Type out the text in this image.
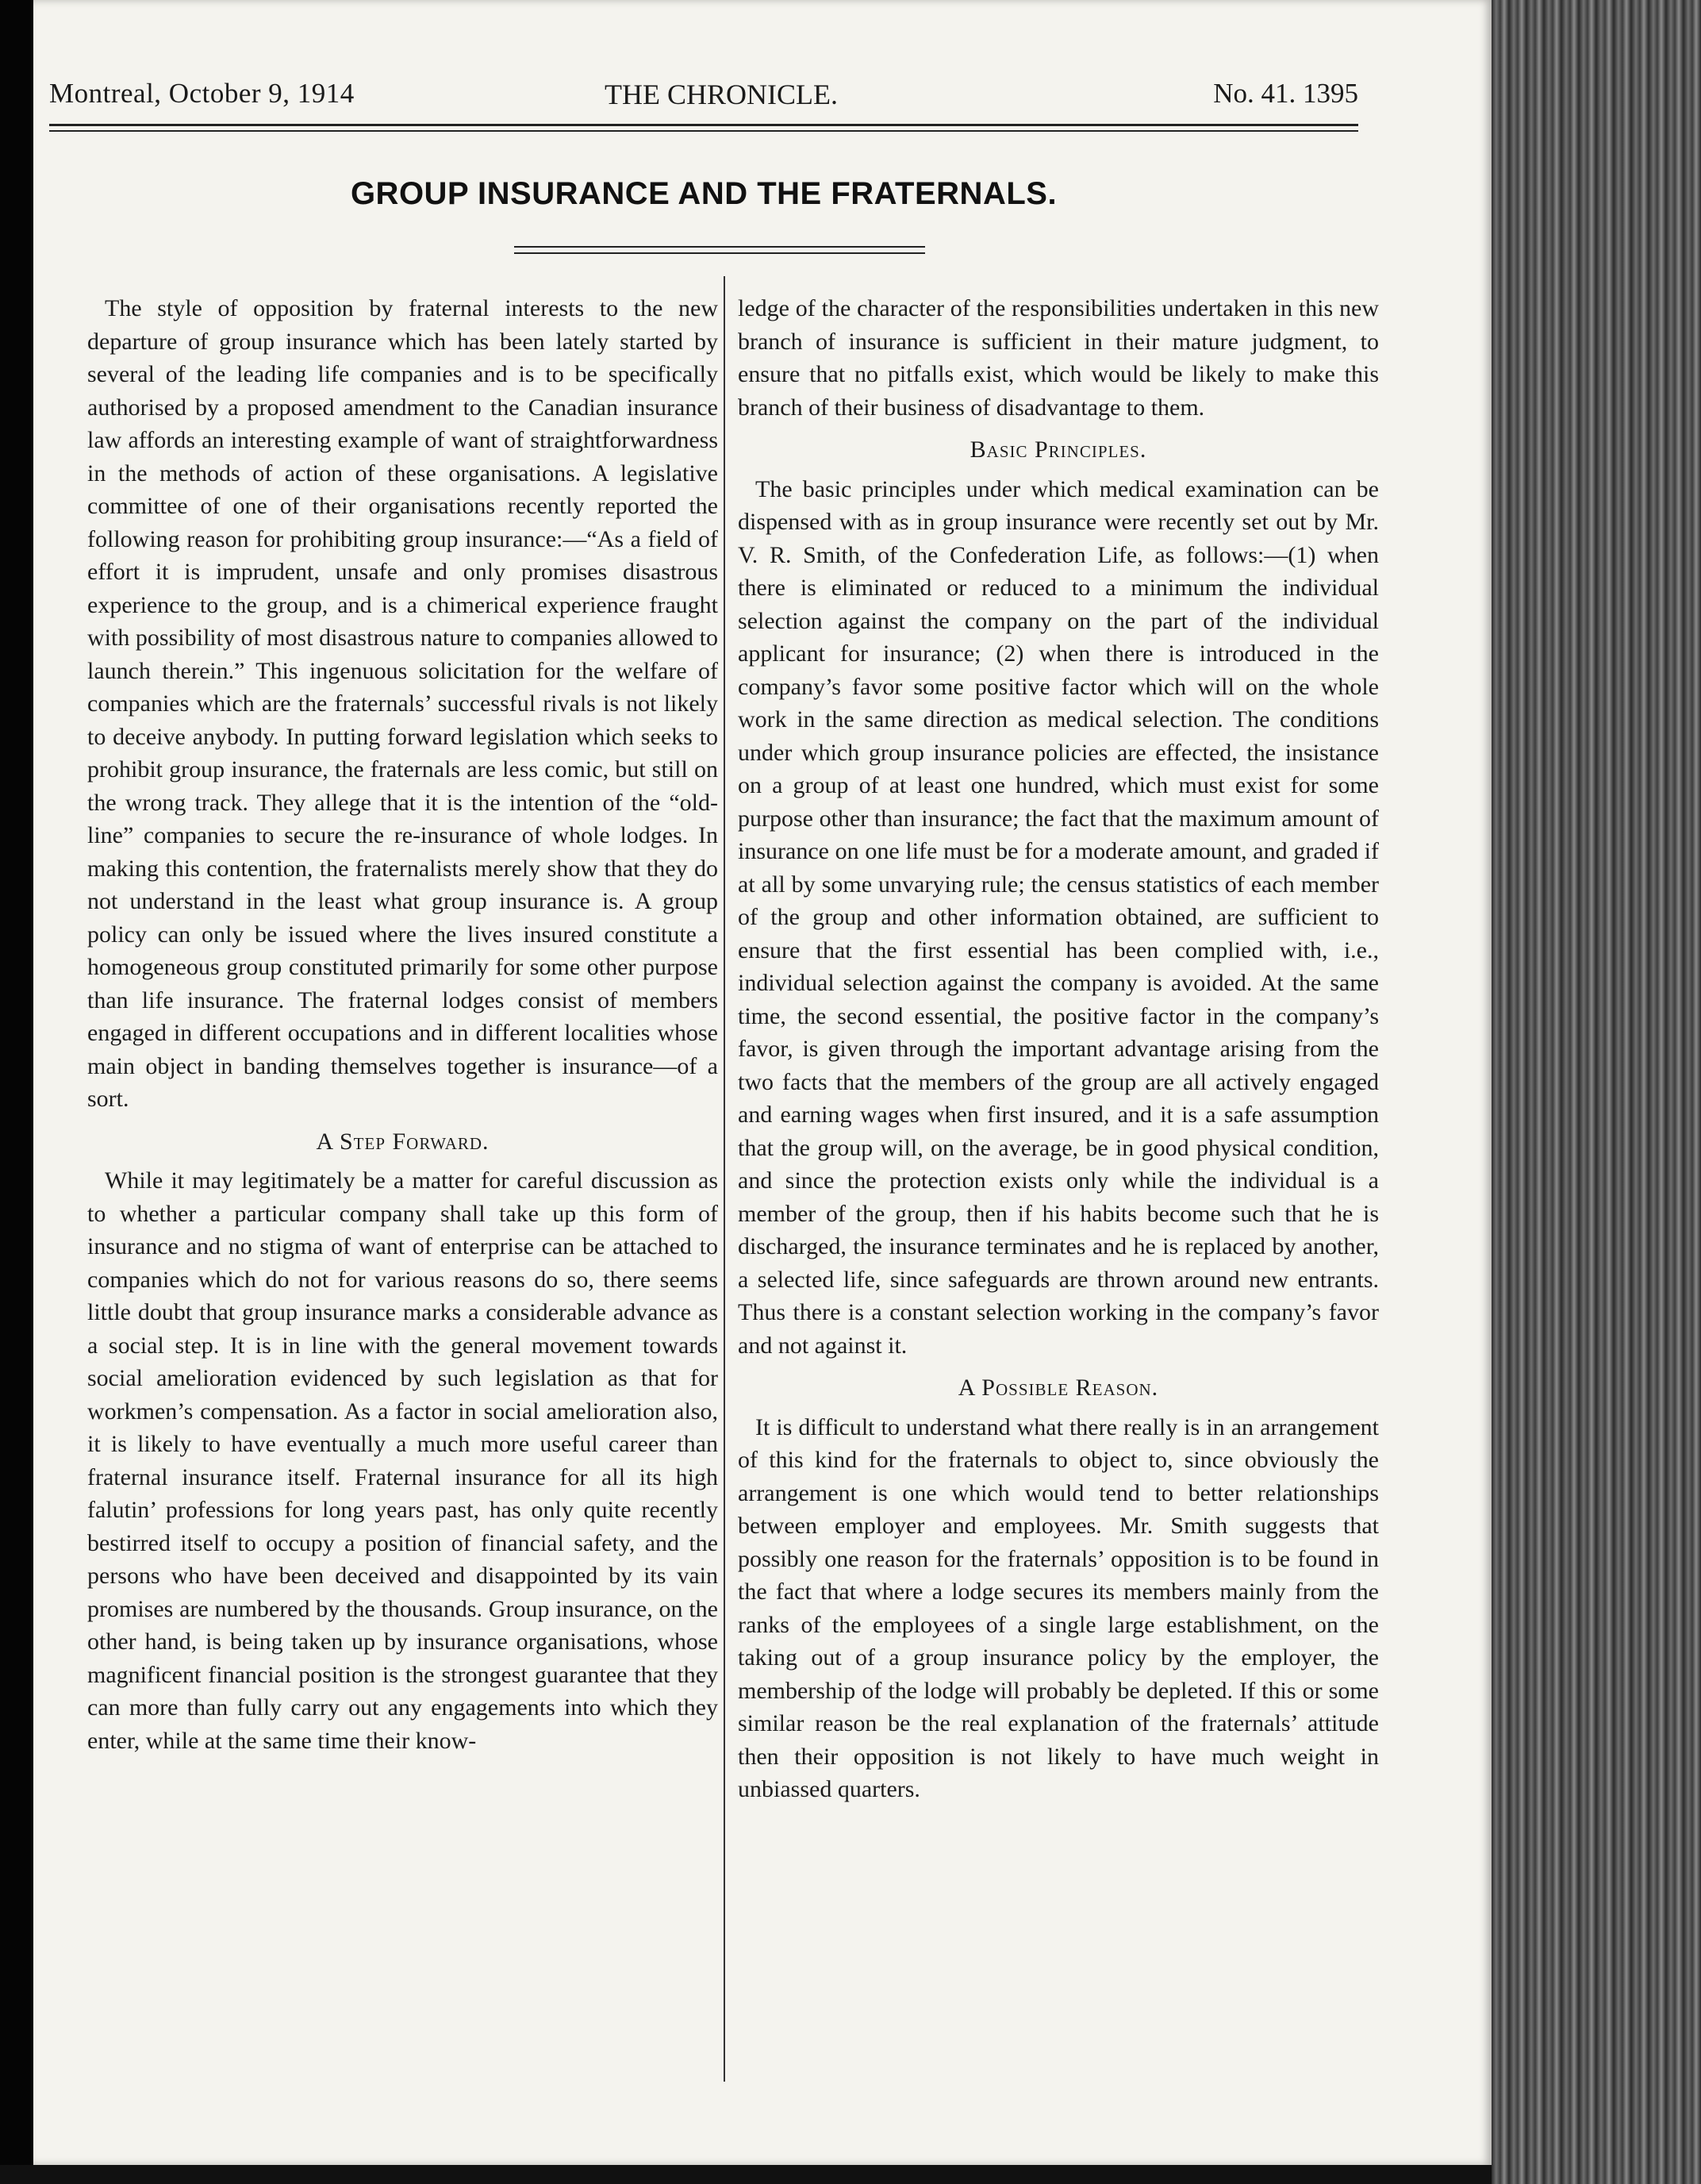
Montreal, October 9, 1914	THE CHRONICLE.	No. 41. 1395
GROUP INSURANCE AND THE FRATERNALS.

The style of opposition by fraternal interests to the new departure of group insurance which has been lately started by several of the leading life companies and is to be specifically authorised by a proposed amendment to the Canadian insurance law affords an interesting example of want of straightforwardness in the methods of action of these organisations. A legislative committee of one of their organisations recently reported the following reason for prohibiting group insurance:—“As a field of effort it is imprudent, unsafe and only promises disastrous experience to the group, and is a chimerical experience fraught with possibility of most disastrous nature to companies allowed to launch therein.” This ingenuous solicitation for the welfare of companies which are the fraternals’ successful rivals is not likely to deceive anybody. In putting forward legislation which seeks to prohibit group insurance, the fraternals are less comic, but still on the wrong track. They allege that it is the intention of the “old-line” companies to secure the re-insurance of whole lodges. In making this contention, the fraternalists merely show that they do not understand in the least what group insurance is. A group policy can only be issued where the lives insured constitute a homogeneous group constituted primarily for some other purpose than life insurance. The fraternal lodges consist of members engaged in different occupations and in different localities whose main object in banding themselves together is insurance—of a sort.

A Step Forward.

While it may legitimately be a matter for careful discussion as to whether a particular company shall take up this form of insurance and no stigma of want of enterprise can be attached to companies which do not for various reasons do so, there seems little doubt that group insurance marks a considerable advance as a social step. It is in line with the general movement towards social amelioration evidenced by such legislation as that for workmen’s compensation. As a factor in social amelioration also, it is likely to have eventually a much more useful career than fraternal insurance itself. Fraternal insurance for all its high falutin’ professions for long years past, has only quite recently bestirred itself to occupy a position of financial safety, and the persons who have been deceived and disappointed by its vain promises are numbered by the thousands. Group insurance, on the other hand, is being taken up by insurance organisations, whose magnificent financial position is the strongest guarantee that they can more than fully carry out any engagements into which they enter, while at the same time their know-

ledge of the character of the responsibilities undertaken in this new branch of insurance is sufficient in their mature judgment, to ensure that no pitfalls exist, which would be likely to make this branch of their business of disadvantage to them.

Basic Principles.

The basic principles under which medical examination can be dispensed with as in group insurance were recently set out by Mr. V. R. Smith, of the Confederation Life, as follows:—(1) when there is eliminated or reduced to a minimum the individual selection against the company on the part of the individual applicant for insurance; (2) when there is introduced in the company’s favor some positive factor which will on the whole work in the same direction as medical selection. The conditions under which group insurance policies are effected, the insistance on a group of at least one hundred, which must exist for some purpose other than insurance; the fact that the maximum amount of insurance on one life must be for a moderate amount, and graded if at all by some unvarying rule; the census statistics of each member of the group and other information obtained, are sufficient to ensure that the first essential has been complied with, i.e., individual selection against the company is avoided. At the same time, the second essential, the positive factor in the company’s favor, is given through the important advantage arising from the two facts that the members of the group are all actively engaged and earning wages when first insured, and it is a safe assumption that the group will, on the average, be in good physical condition, and since the protection exists only while the individual is a member of the group, then if his habits become such that he is discharged, the insurance terminates and he is replaced by another, a selected life, since safeguards are thrown around new entrants. Thus there is a constant selection working in the company’s favor and not against it.

A Possible Reason.

It is difficult to understand what there really is in an arrangement of this kind for the fraternals to object to, since obviously the arrangement is one which would tend to better relationships between employer and employees. Mr. Smith suggests that possibly one reason for the fraternals’ opposition is to be found in the fact that where a lodge secures its members mainly from the ranks of the employees of a single large establishment, on the taking out of a group insurance policy by the employer, the membership of the lodge will probably be depleted. If this or some similar reason be the real explanation of the fraternals’ attitude then their opposition is not likely to have much weight in unbiassed quarters.
